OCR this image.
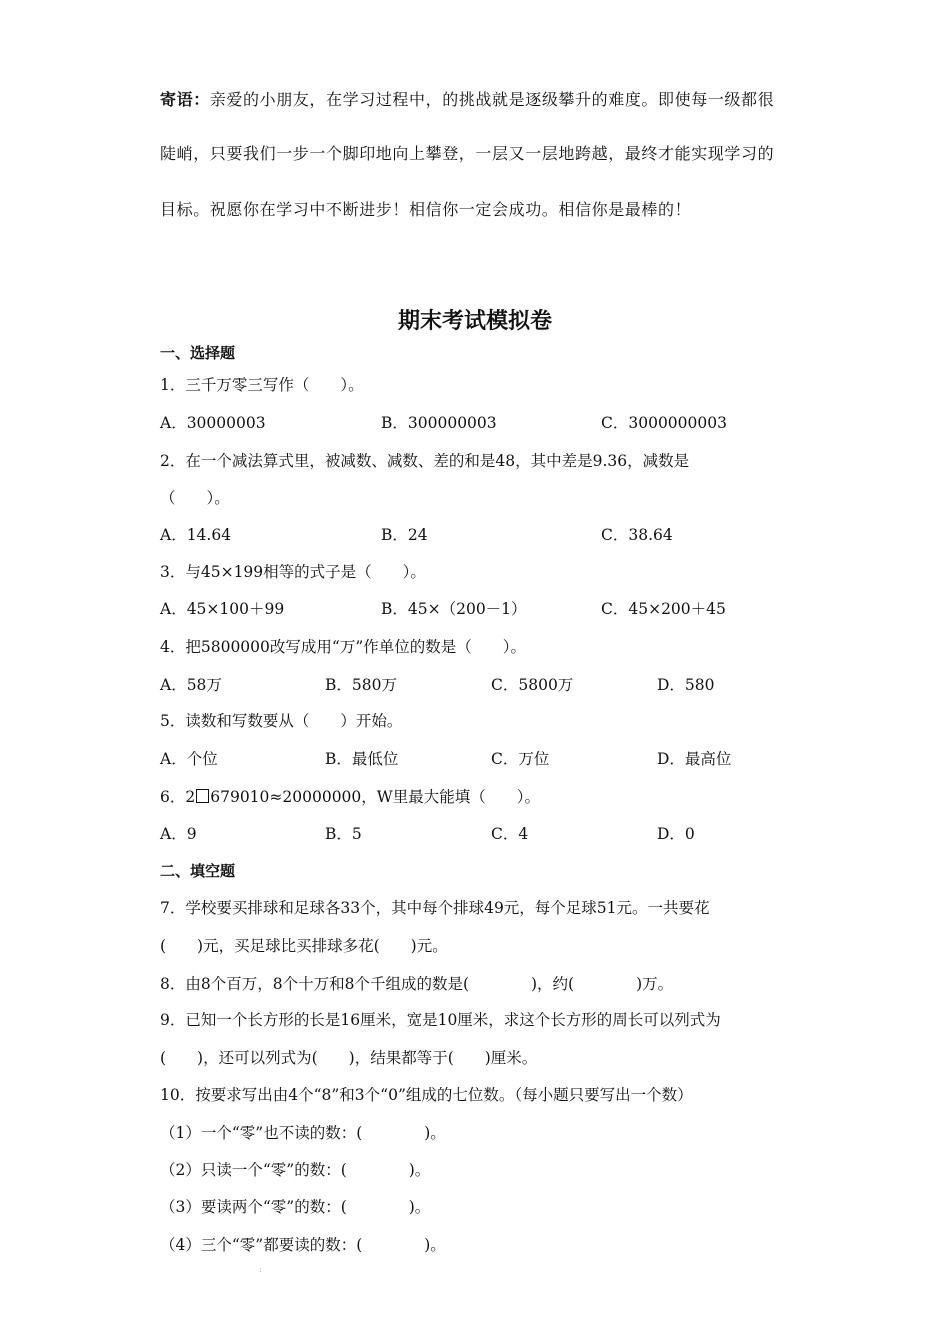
寄语：亲爱的小朋友，在学习过程中，的挑战就是逐级攀升的难度。即使每一级都很
陡峭，只要我们一步一个脚印地向上攀登，一层又一层地跨越，最终才能实现学习的
目标。祝愿你在学习中不断进步！相信你一定会成功。相信你是最棒的！
期末考试模拟卷
一、选择题
1．三千万零三写作（　　）。
A．30000003	B．300000003	C．3000000003
2．在一个减法算式里，被减数、减数、差的和是48，其中差是9.36，减数是
（　　）。
A．14.64	B．24	C．38.64
3．与45×199相等的式子是（　　）。
A．45×100＋99	B．45×（200－1）	C．45×200＋45
4．把5800000改写成用“万”作单位的数是（　　）。
A．58万	B．580万	C．5800万	D．580
5．读数和写数要从（　　）开始。
A．个位	B．最低位	C．万位	D．最高位
6．2 679010≈20000000，W里最大能填（　　）。
A．9	B．5	C．4	D．0
二、填空题
7．学校要买排球和足球各33个，其中每个排球49元，每个足球51元。一共要花
(　　)元，买足球比买排球多花(　　)元。
8．由8个百万，8个十万和8个千组成的数是(　　　　)，约(　　　　)万。
9．已知一个长方形的长是16厘米，宽是10厘米，求这个长方形的周长可以列式为
(　　)，还可以列式为(　　)，结果都等于(　　)厘米。
10．按要求写出由4个“8”和3个“0”组成的七位数。（每小题只要写出一个数）
（1）一个“零”也不读的数：(　　　　)。
（2）只读一个“零”的数：(　　　　)。
（3）要读两个“零”的数：(　　　　)。
（4）三个“零”都要读的数：(　　　　)。
:
